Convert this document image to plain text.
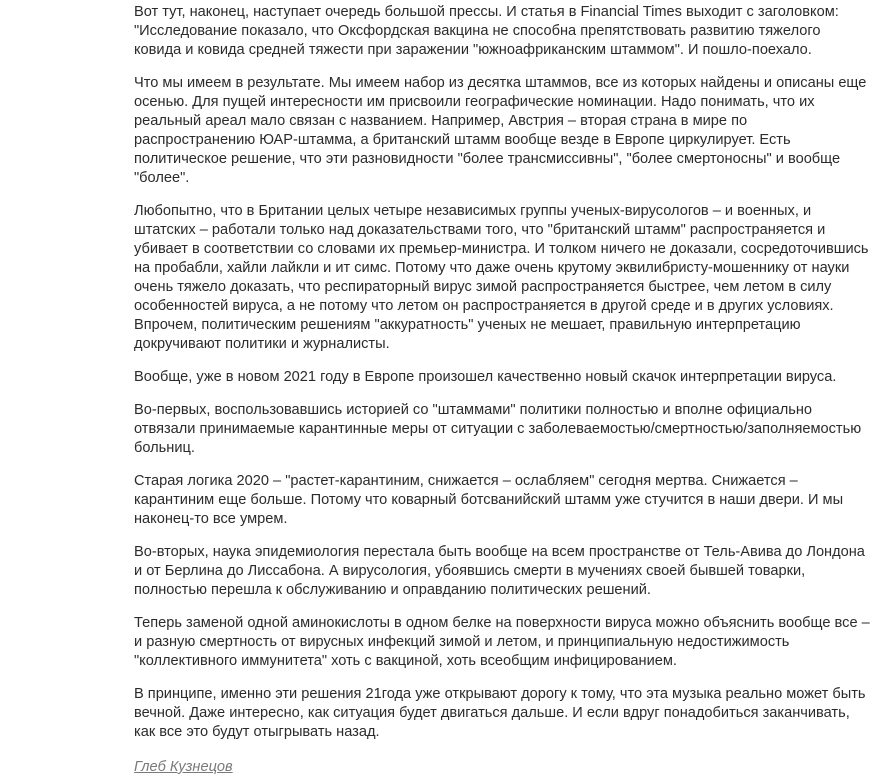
Вот тут, наконец, наступает очередь большой прессы. И статья в Financial Times выходит с заголовком: "Исследование показало, что Оксфордская вакцина не способна препятствовать развитию тяжелого ковида и ковида средней тяжести при заражении "южноафриканским штаммом". И пошло-поехало.

Что мы имеем в результате. Мы имеем набор из десятка штаммов, все из которых найдены и описаны еще осенью. Для пущей интересности им присвоили географические номинации. Надо понимать, что их реальный ареал мало связан с названием. Например, Австрия – вторая страна в мире по распространению ЮАР-штамма, а британский штамм вообще везде в Европе циркулирует. Есть политическое решение, что эти разновидности "более трансмиссивны", "более смертоносны" и вообще "более".

Любопытно, что в Британии целых четыре независимых группы ученых-вирусологов – и военных, и штатских – работали только над доказательствами того, что "британский штамм" распространяется и убивает в соответствии со словами их премьер-министра. И толком ничего не доказали, сосредоточившись на пробабли, хайли лайкли и ит симс. Потому что даже очень крутому эквилибристу-мошеннику от науки очень тяжело доказать, что респираторный вирус зимой распространяется быстрее, чем летом в силу особенностей вируса, а не потому что летом он распространяется в другой среде и в других условиях. Впрочем, политическим решениям "аккуратность" ученых не мешает, правильную интерпретацию докручивают политики и журналисты.

Вообще, уже в новом 2021 году в Европе произошел качественно новый скачок интерпретации вируса.

Во-первых, воспользовавшись историей со "штаммами" политики полностью и вполне официально отвязали принимаемые карантинные меры от ситуации с заболеваемостью/смертностью/заполняемостью больниц.

Старая логика 2020 – "растет-карантиним, снижается – ослабляем" сегодня мертва. Снижается – карантиним еще больше. Потому что коварный ботсванийский штамм уже стучится в наши двери. И мы наконец-то все умрем.

Во-вторых, наука эпидемиология перестала быть вообще на всем пространстве от Тель-Авива до Лондона и от Берлина до Лиссабона. А вирусология, убоявшись смерти в мучениях своей бывшей товарки, полностью перешла к обслуживанию и оправданию политических решений.

Теперь заменой одной аминокислоты в одном белке на поверхности вируса можно объяснить вообще все – и разную смертность от вирусных инфекций зимой и летом, и принципиальную недостижимость "коллективного иммунитета" хоть с вакциной, хоть всеобщим инфицированием.

В принципе, именно эти решения 21года уже открывают дорогу к тому, что эта музыка реально может быть вечной. Даже интересно, как ситуация будет двигаться дальше. И если вдруг понадобиться заканчивать, как все это будут отыгрывать назад.

Глеб Кузнецов
